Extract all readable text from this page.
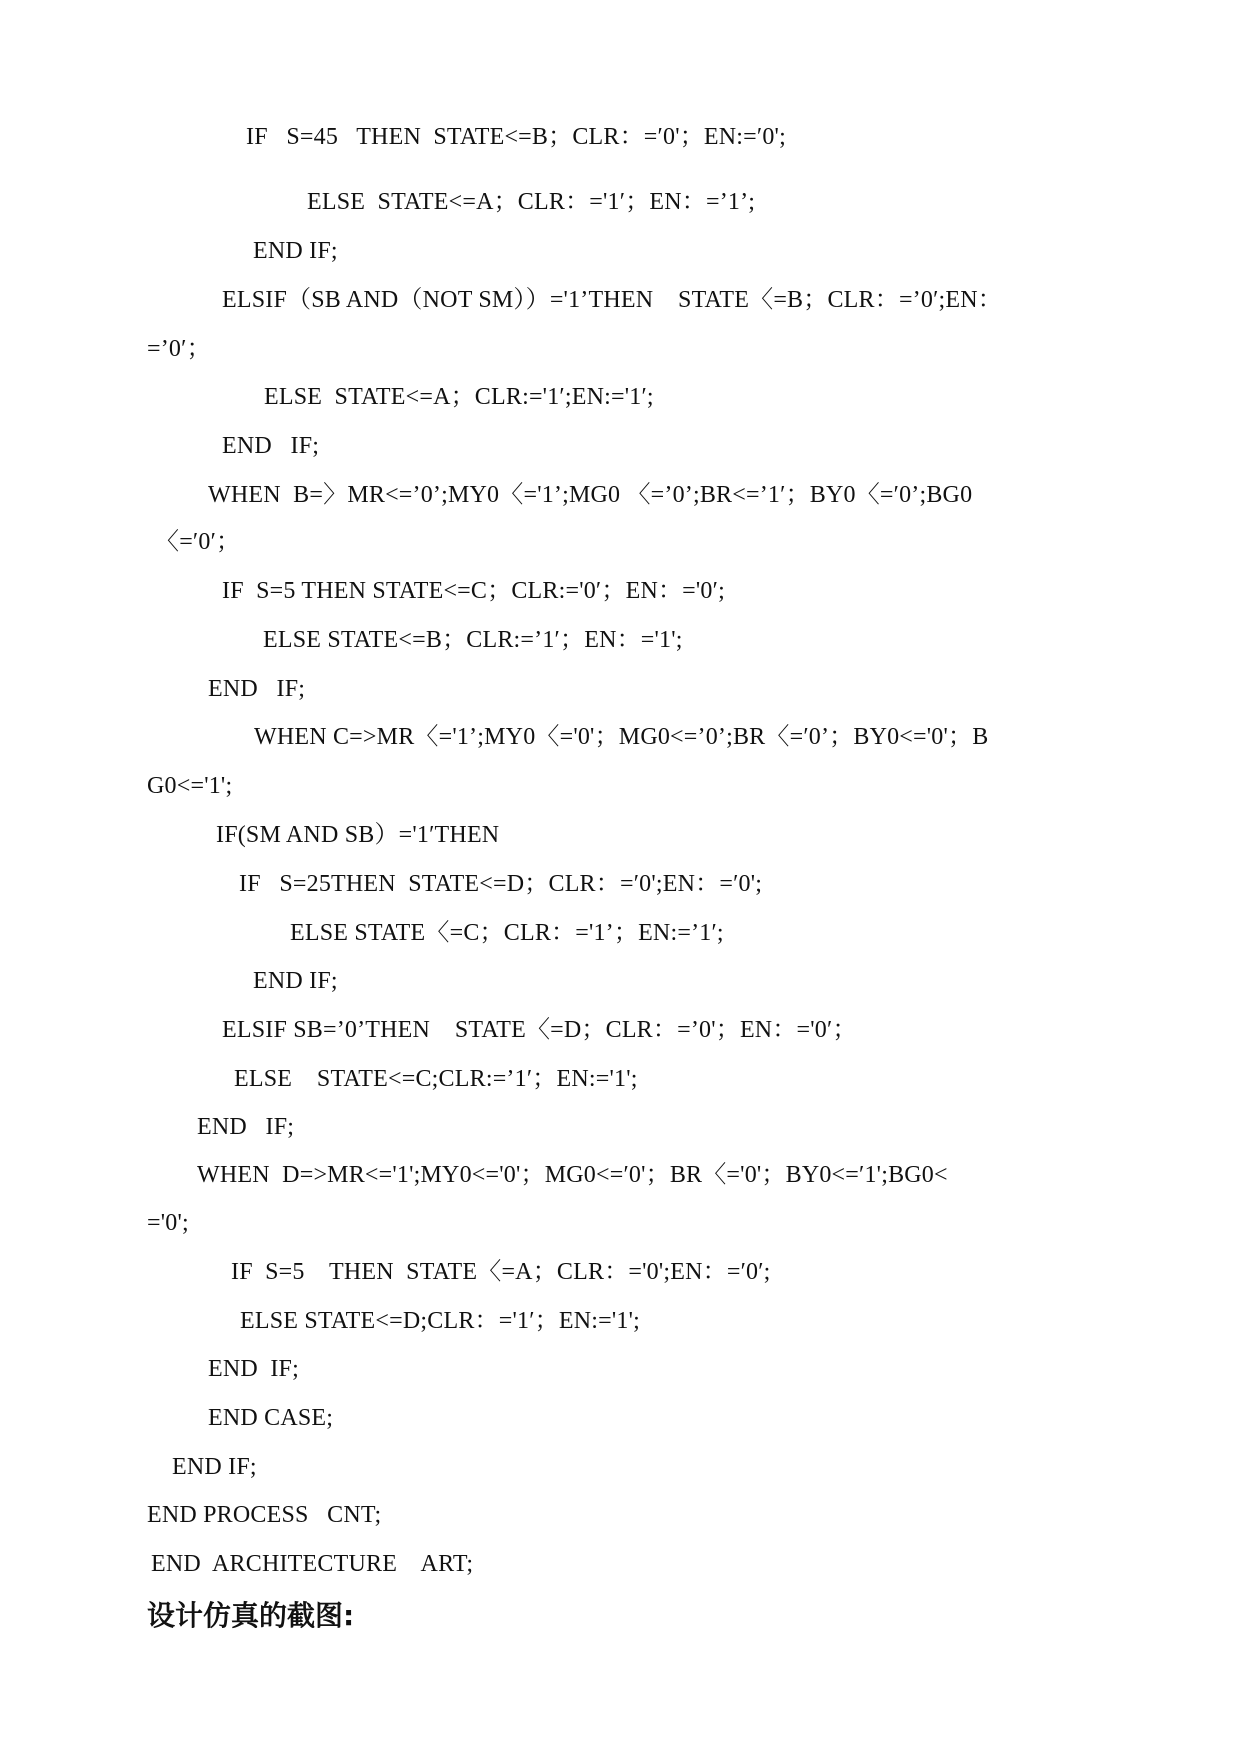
IF   S=45   THEN  STATE<=B；CLR：=′0'；EN:=′0';
ELSE  STATE<=A；CLR：='1′；EN：=’1’;
END IF;
ELSIF（SB AND（NOT SM））='1’THEN    STATE〈=B；CLR：=’0′;EN：
=’0′；
ELSE  STATE<=A；CLR:='1′;EN:='1′;
END   IF;
WHEN  B=〉MR<=’0’;MY0〈='1’;MG0 〈=’0’;BR<=’1′；BY0〈=′0’;BG0
〈=′0′；
IF  S=5 THEN STATE<=C；CLR:='0′；EN：='0′;
ELSE STATE<=B；CLR:=’1′；EN：='1';
END   IF;
WHEN C=>MR〈='1’;MY0〈='0'；MG0<=’0’;BR〈=′0’；BY0<='0'；B
G0<='1';
IF(SM AND SB）='1′THEN
IF   S=25THEN  STATE<=D；CLR：=′0';EN：=′0';
ELSE STATE〈=C；CLR：='1’；EN:=’1′;
END IF;
ELSIF SB=’0’THEN    STATE〈=D；CLR：=’0'；EN：='0′；
ELSE    STATE<=C;CLR:=’1′；EN:='1';
END   IF;
WHEN  D=>MR<='1';MY0<='0'；MG0<=′0'；BR〈='0'；BY0<=′1';BG0<
='0';
IF  S=5    THEN  STATE〈=A；CLR：='0';EN：=′0′;
ELSE STATE<=D;CLR：='1′；EN:='1';
END  IF;
END CASE;
END IF;
END PROCESS   CNT;
END  ARCHITECTURE    ART;
设计仿真的截图:
